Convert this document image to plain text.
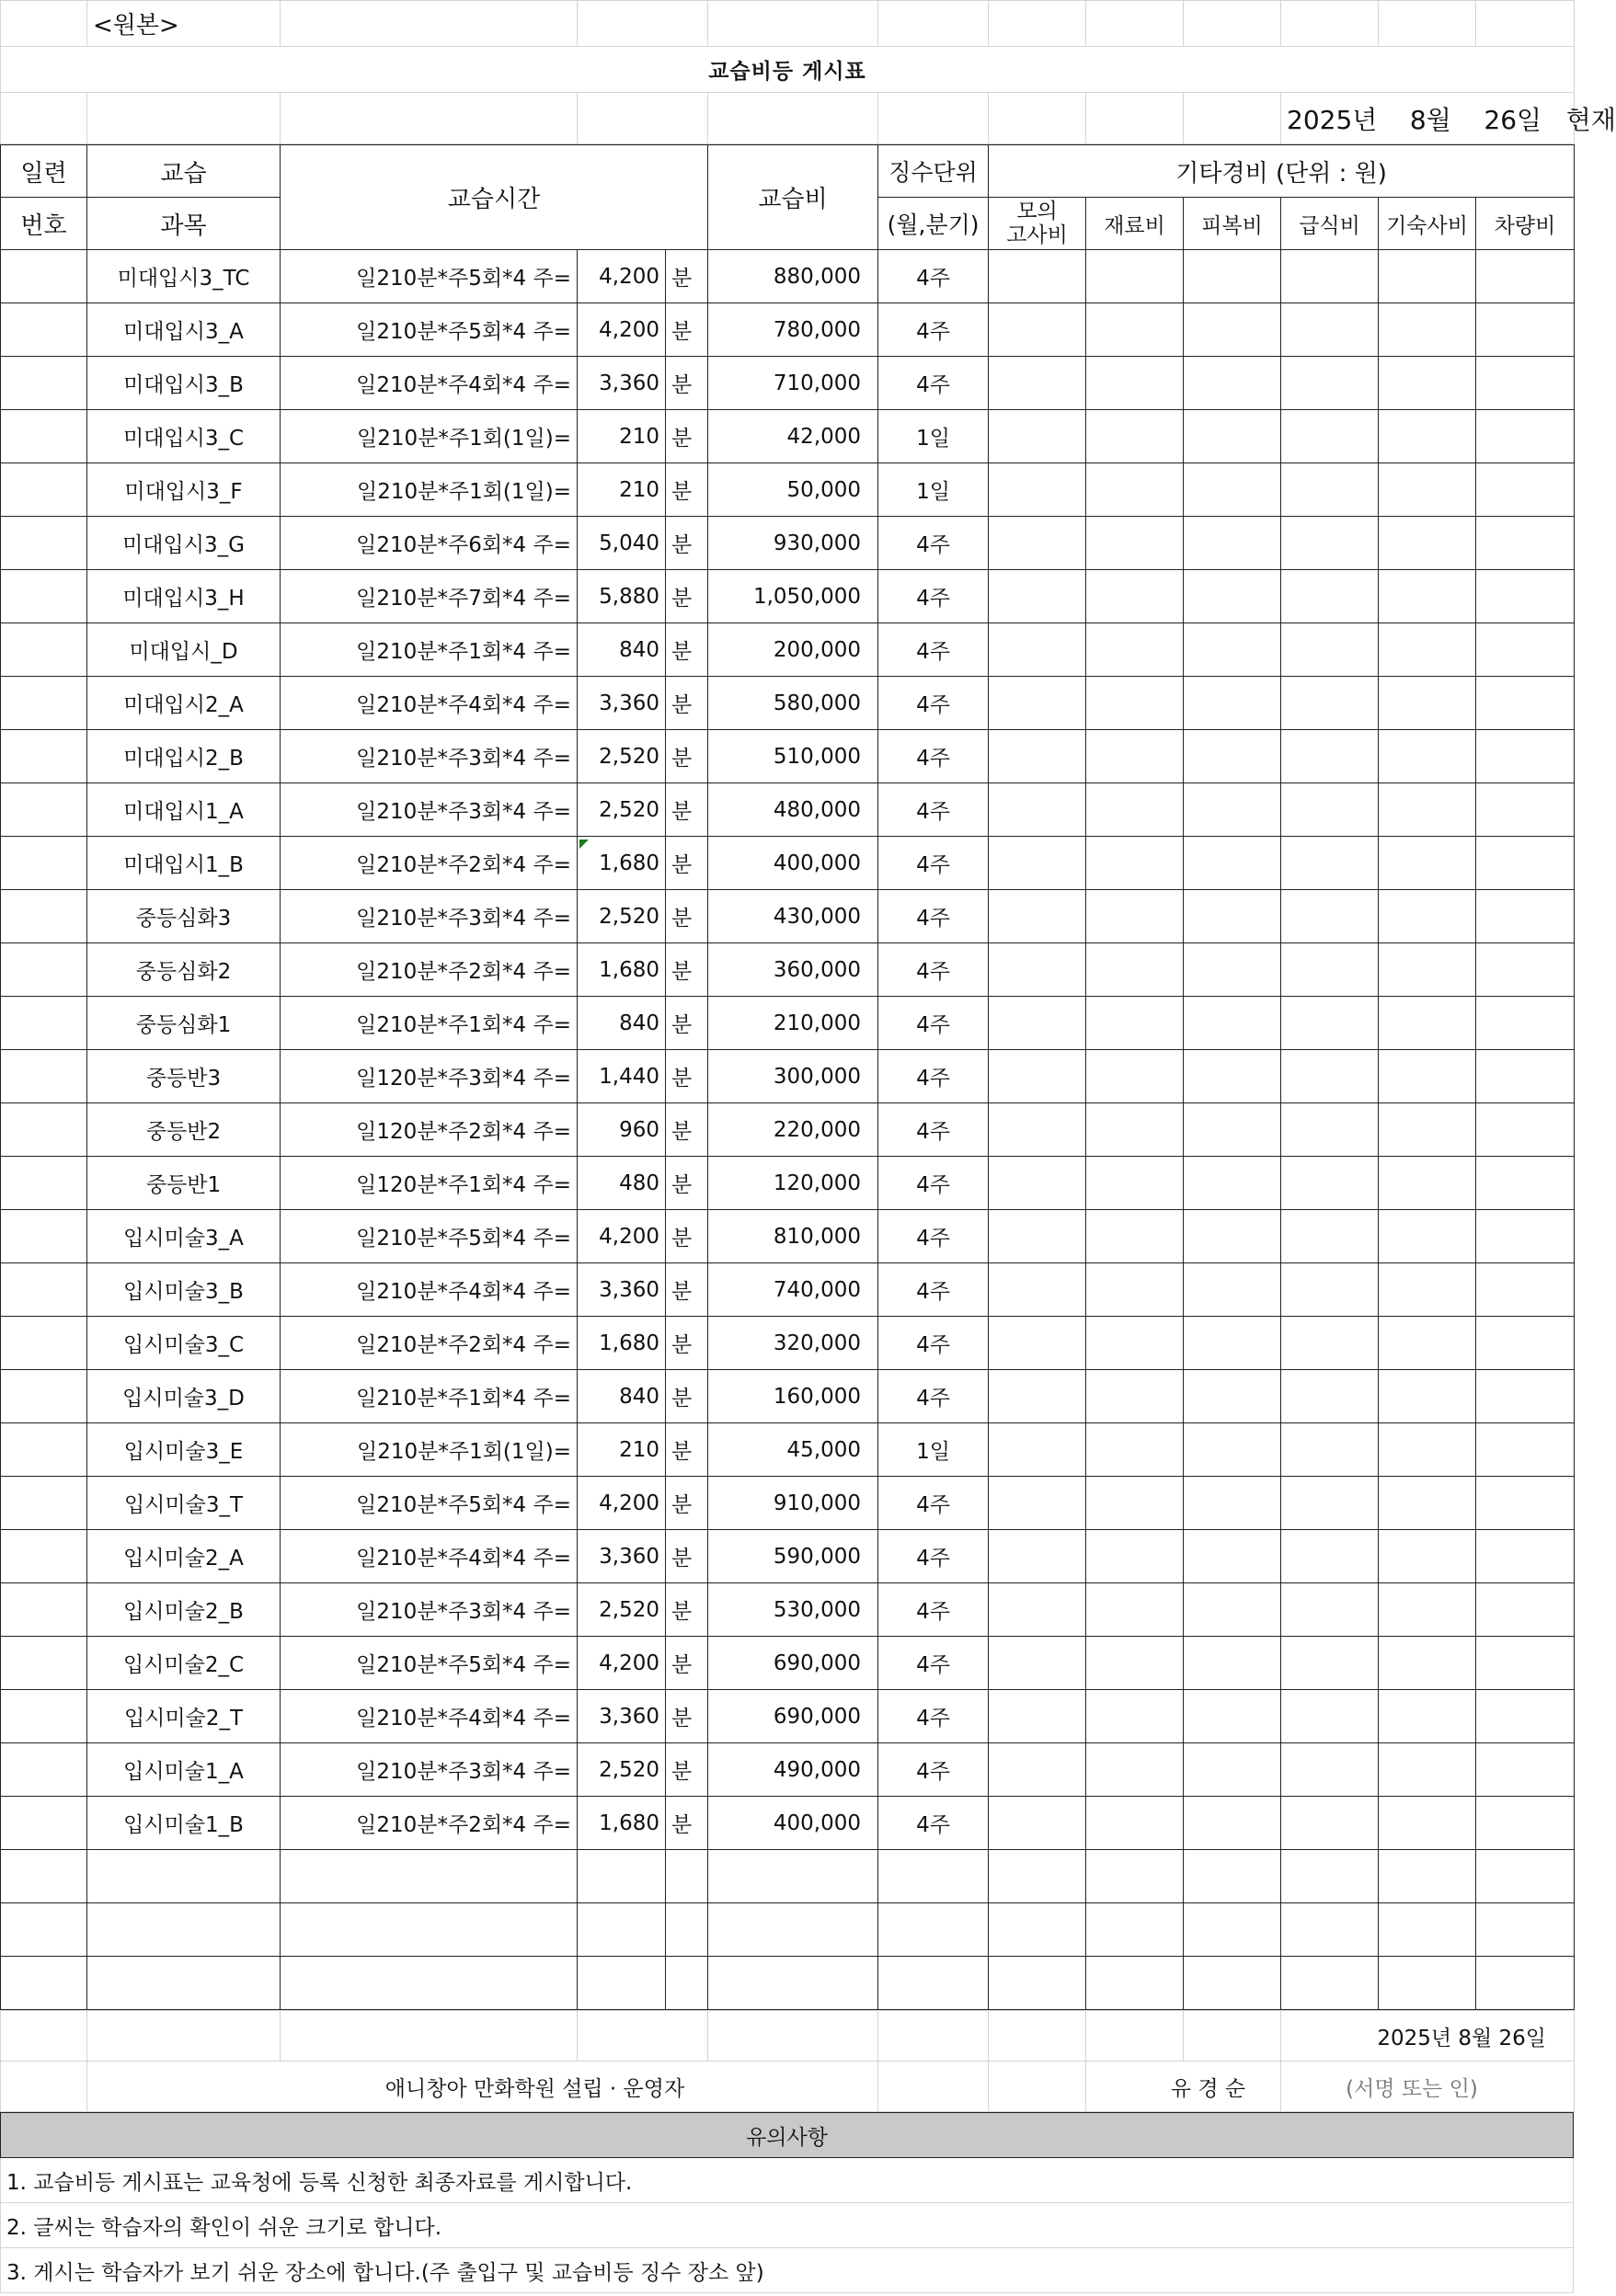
	<원본>										
교습비등 게시표											
									2025년 8월 26일 현재		
일련	교습	교습시간			교습비	징수단위	기타경비 (단위 : 원)					
번호	과목					(월,분기)	모의
고사비	재료비	피복비	급식비	기숙사비	차량비
	미대입시3_TC	일210분*주5회*4 주=	4,200	분	880,000	4주						
	미대입시3_A	일210분*주5회*4 주=	4,200	분	780,000	4주						
	미대입시3_B	일210분*주4회*4 주=	3,360	분	710,000	4주						
	미대입시3_C	일210분*주1회(1일)=	210	분	42,000	1일						
	미대입시3_F	일210분*주1회(1일)=	210	분	50,000	1일						
	미대입시3_G	일210분*주6회*4 주=	5,040	분	930,000	4주						
	미대입시3_H	일210분*주7회*4 주=	5,880	분	1,050,000	4주						
	미대입시_D	일210분*주1회*4 주=	840	분	200,000	4주						
	미대입시2_A	일210분*주4회*4 주=	3,360	분	580,000	4주						
	미대입시2_B	일210분*주3회*4 주=	2,520	분	510,000	4주						
	미대입시1_A	일210분*주3회*4 주=	2,520	분	480,000	4주						
	미대입시1_B	일210분*주2회*4 주=	1,680	분	400,000	4주						
	중등심화3	일210분*주3회*4 주=	2,520	분	430,000	4주						
	중등심화2	일210분*주2회*4 주=	1,680	분	360,000	4주						
	중등심화1	일210분*주1회*4 주=	840	분	210,000	4주						
	중등반3	일120분*주3회*4 주=	1,440	분	300,000	4주						
	중등반2	일120분*주2회*4 주=	960	분	220,000	4주						
	중등반1	일120분*주1회*4 주=	480	분	120,000	4주						
	입시미술3_A	일210분*주5회*4 주=	4,200	분	810,000	4주						
	입시미술3_B	일210분*주4회*4 주=	3,360	분	740,000	4주						
	입시미술3_C	일210분*주2회*4 주=	1,680	분	320,000	4주						
	입시미술3_D	일210분*주1회*4 주=	840	분	160,000	4주						
	입시미술3_E	일210분*주1회(1일)=	210	분	45,000	1일						
	입시미술3_T	일210분*주5회*4 주=	4,200	분	910,000	4주						
	입시미술2_A	일210분*주4회*4 주=	3,360	분	590,000	4주						
	입시미술2_B	일210분*주3회*4 주=	2,520	분	530,000	4주						
	입시미술2_C	일210분*주5회*4 주=	4,200	분	690,000	4주						
	입시미술2_T	일210분*주4회*4 주=	3,360	분	690,000	4주						
	입시미술1_A	일210분*주3회*4 주=	2,520	분	490,000	4주						
	입시미술1_B	일210분*주2회*4 주=	1,680	분	400,000	4주						

									2025년 8월 26일
	애니창아 만화학원 설립 · 운영자						유 경 순		(서명 또는 인)
유의사항
1. 교습비등 게시표는 교육청에 등록 신청한 최종자료를 게시합니다.
2. 글씨는 학습자의 확인이 쉬운 크기로 합니다.
3. 게시는 학습자가 보기 쉬운 장소에 합니다.(주 출입구 및 교습비등 징수 장소 앞)
